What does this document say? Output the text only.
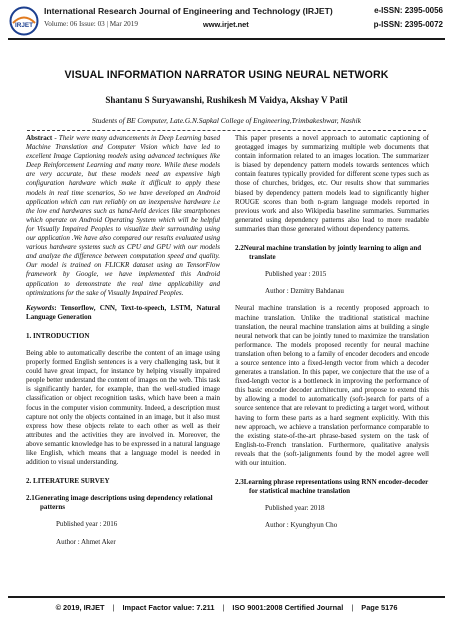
IRJET
International Research Journal of Engineering and Technology (IRJET)	e-ISSN: 2395-0056
Volume: 06 Issue: 03 | Mar 2019	www.irjet.net	p-ISSN: 2395-0072
VISUAL INFORMATION NARRATOR USING NEURAL NETWORK
Shantanu S Suryawanshi, Rushikesh M Vaidya, Akshay V Patil
Students of BE Computer, Late.G.N.Sapkal College of Engineering,Trimbakeshwar, Nashik

Abstract - Their were many advancements in Deep Learning based Machine Translation and Computer Vision which have led to excellent Image Captioning models using advanced techniques like Deep Reinforcement Learning and many more. While these models are very accurate, but these models need an expensive high configuration hardware which make it difficult to apply these models in real time scenarios, So we have developed an Android application which can run reliably on an inexpensive hardware i.e the low end hardwares such as hand-held devices like smartphones which operate on Android Operating System which will be helpful for Visually Impaired Peoples to visualize their surrounding using our application .We have also compared our results evaluated using various hardware systems such as CPU and GPU with our models and analyze the difference between computation speed and quality. Our model is trained on FLICKR dataset using an TensorFlow framework by Google, we have implemented this Android application to demonstrate the real time applicability and optimizations for the sake of Visually Impaired Peoples.

Keywords: Tensorflow, CNN, Text-to-speech, LSTM, Natural Language Generation

1. INTRODUCTION

Being able to automatically describe the content of an image using properly formed English sentences is a very challenging task, but it could have great impact, for instance by helping visually impaired people better understand the content of images on the web. This task is significantly harder, for example, than the well-studied image classification or object recognition tasks, which have been a main focus in the computer vision community. Indeed, a description must capture not only the objects contained in an image, but it also must express how these objects relate to each other as well as their attributes and the activities they are involved in. Moreover, the above semantic knowledge has to be expressed in a natural language like English, which means that a language model is needed in addition to visual understanding.

2. LITERATURE SURVEY

2.1Generating image descriptions using dependency relational patterns

Published year : 2016

Author : Ahmet Aker

This paper presents a novel approach to automatic captioning of geotagged images by summarizing multiple web documents that contain information related to an images location. The summarizer is biased by dependency pattern models towards sentences which contain features typically provided for different scene types such as those of churches, bridges, etc. Our results show that summaries biased by dependency pattern models lead to significantly higher ROUGE scores than both n-gram language models reported in previous work and also Wikipedia baseline summaries. Summaries generated using dependency patterns also lead to more readable summaries than those generated without dependency patterns.

2.2Neural machine translation by jointly learning to align and translate

Published year : 2015

Author : Dzmitry Bahdanau

Neural machine translation is a recently proposed approach to machine translation. Unlike the traditional statistical machine translation, the neural machine translation aims at building a single neural network that can be jointly tuned to maximize the translation performance. The models proposed recently for neural machine translation often belong to a family of encoder decoders and encode a source sentence into a fixed-length vector from which a decoder generates a translation. In this paper, we conjecture that the use of a fixed-length vector is a bottleneck in improving the performance of this basic encoder decoder architecture, and propose to extend this by allowing a model to automatically (soft-)search for parts of a source sentence that are relevant to predicting a target word, without having to form these parts as a hard segment explicitly. With this new approach, we achieve a translation performance comparable to the existing state-of-the-art phrase-based system on the task of English-to-French translation. Furthermore, qualitative analysis reveals that the (soft-)alignments found by the model agree well with our intuition.

2.3Learning phrase representations using RNN encoder-decoder for statistical machine translation

Published year: 2018

Author : Kyunghyun Cho

© 2019, IRJET | Impact Factor value: 7.211 | ISO 9001:2008 Certified Journal | Page 5176
